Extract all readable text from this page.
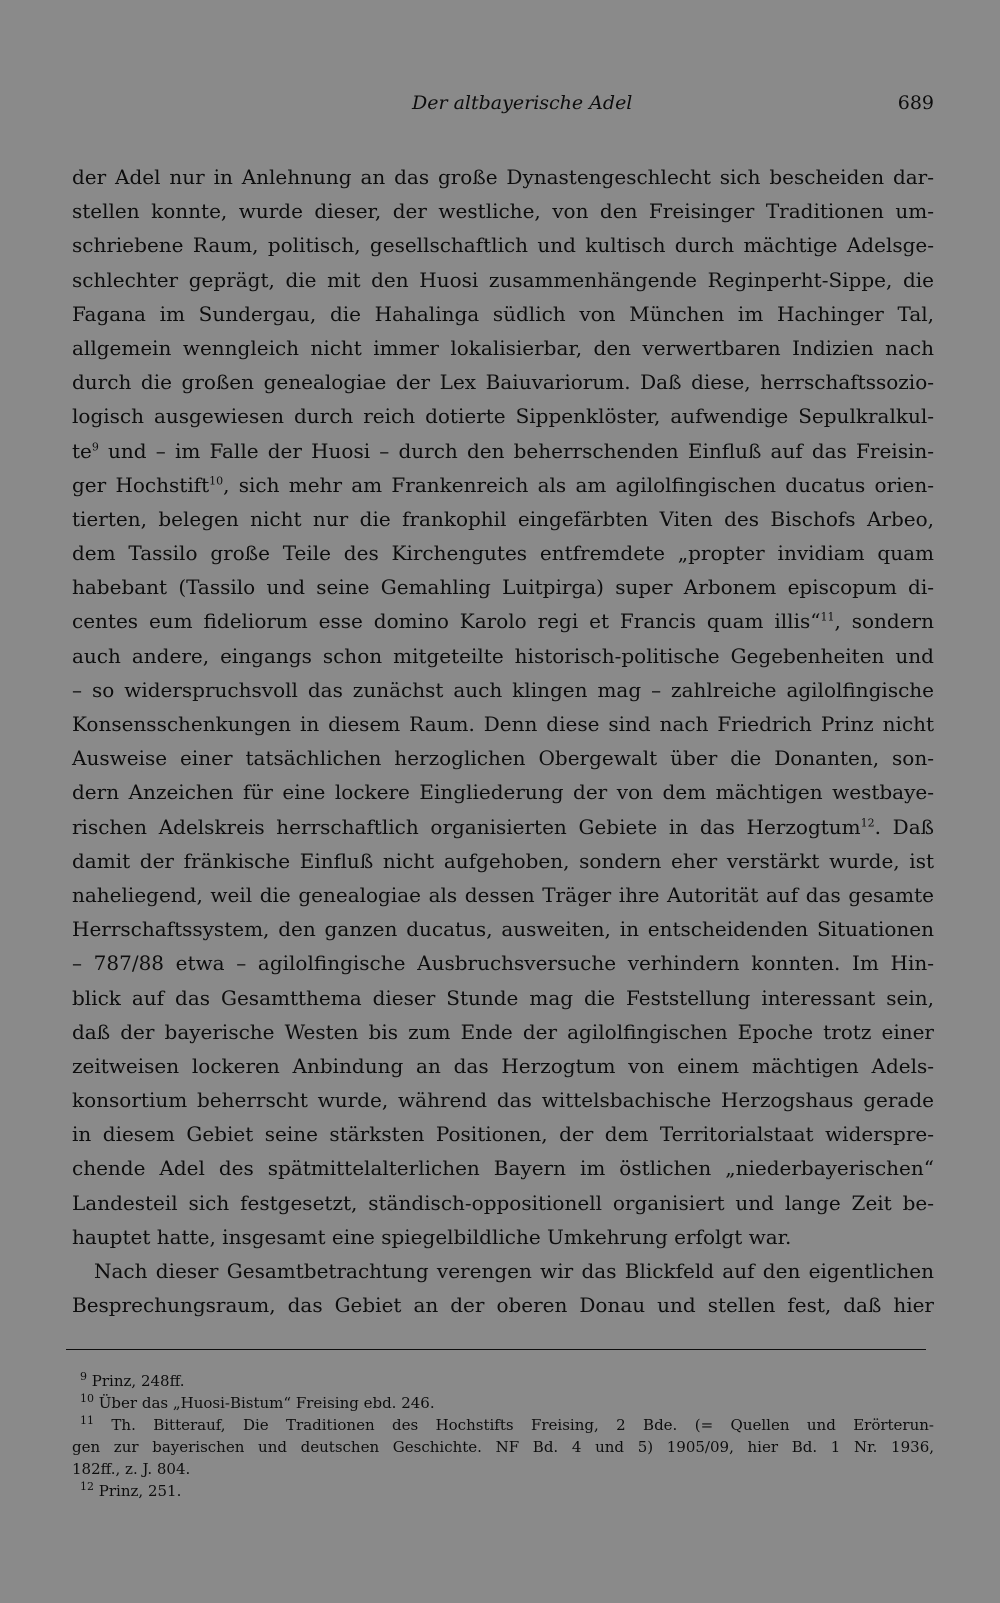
Der altbayerische Adel	689
der Adel nur in Anlehnung an das große Dynastengeschlecht sich bescheiden dar-
stellen konnte, wurde dieser, der westliche, von den Freisinger Traditionen um-
schriebene Raum, politisch, gesellschaftlich und kultisch durch mächtige Adelsge-
schlechter geprägt, die mit den Huosi zusammenhängende Reginperht-Sippe, die
Fagana im Sundergau, die Hahalinga südlich von München im Hachinger Tal,
allgemein wenngleich nicht immer lokalisierbar, den verwertbaren Indizien nach
durch die großen genealogiae der Lex Baiuvariorum. Daß diese, herrschaftssozio-
logisch ausgewiesen durch reich dotierte Sippenklöster, aufwendige Sepulkralkul-
$te^9$ und – im Falle der Huosi – durch den beherrschenden Einfluß auf das Freisin-
ger Hochstift$^{10}$, sich mehr am Frankenreich als am agilolfingischen ducatus orien-
tierten, belegen nicht nur die frankophil eingefärbten Viten des Bischofs Arbeo,
dem Tassilo große Teile des Kirchengutes entfremdete „propter invidiam quam
habebant (Tassilo und seine Gemahling Luitpirga) super Arbonem episcopum di-
centes eum fideliorum esse domino Karolo regi et Francis quam illis“$^{11}$, sondern
auch andere, eingangs schon mitgeteilte historisch-politische Gegebenheiten und
– so widerspruchsvoll das zunächst auch klingen mag – zahlreiche agilolfingische
Konsensschenkungen in diesem Raum. Denn diese sind nach Friedrich Prinz nicht
Ausweise einer tatsächlichen herzoglichen Obergewalt über die Donanten, son-
dern Anzeichen für eine lockere Eingliederung der von dem mächtigen westbaye-
rischen Adelskreis herrschaftlich organisierten Gebiete in das Herzogtum$^{12}$. Daß
damit der fränkische Einfluß nicht aufgehoben, sondern eher verstärkt wurde, ist
naheliegend, weil die genealogiae als dessen Träger ihre Autorität auf das gesamte
Herrschaftssystem, den ganzen ducatus, ausweiten, in entscheidenden Situationen
– 787/88 etwa – agilolfingische Ausbruchsversuche verhindern konnten. Im Hin-
blick auf das Gesamtthema dieser Stunde mag die Feststellung interessant sein,
daß der bayerische Westen bis zum Ende der agilolfingischen Epoche trotz einer
zeitweisen lockeren Anbindung an das Herzogtum von einem mächtigen Adels-
konsortium beherrscht wurde, während das wittelsbachische Herzogshaus gerade
in diesem Gebiet seine stärksten Positionen, der dem Territorialstaat widerspre-
chende Adel des spätmittelalterlichen Bayern im östlichen „niederbayerischen“
Landesteil sich festgesetzt, ständisch-oppositionell organisiert und lange Zeit be-
hauptet hatte, insgesamt eine spiegelbildliche Umkehrung erfolgt war.
Nach dieser Gesamtbetrachtung verengen wir das Blickfeld auf den eigentlichen
Besprechungsraum, das Gebiet an der oberen Donau und stellen fest, daß hier
$^9$ Prinz, 248ff.
$^{10}$ Über das „Huosi-Bistum“ Freising ebd. 246.
$^{11}$ Th. Bitterauf, Die Traditionen des Hochstifts Freising, 2 Bde. (= Quellen und Erörterun-
gen zur bayerischen und deutschen Geschichte. NF Bd. 4 und 5) 1905/09, hier Bd. 1 Nr. 1936,
182ff., z. J. 804.
$^{12}$ Prinz, 251.
